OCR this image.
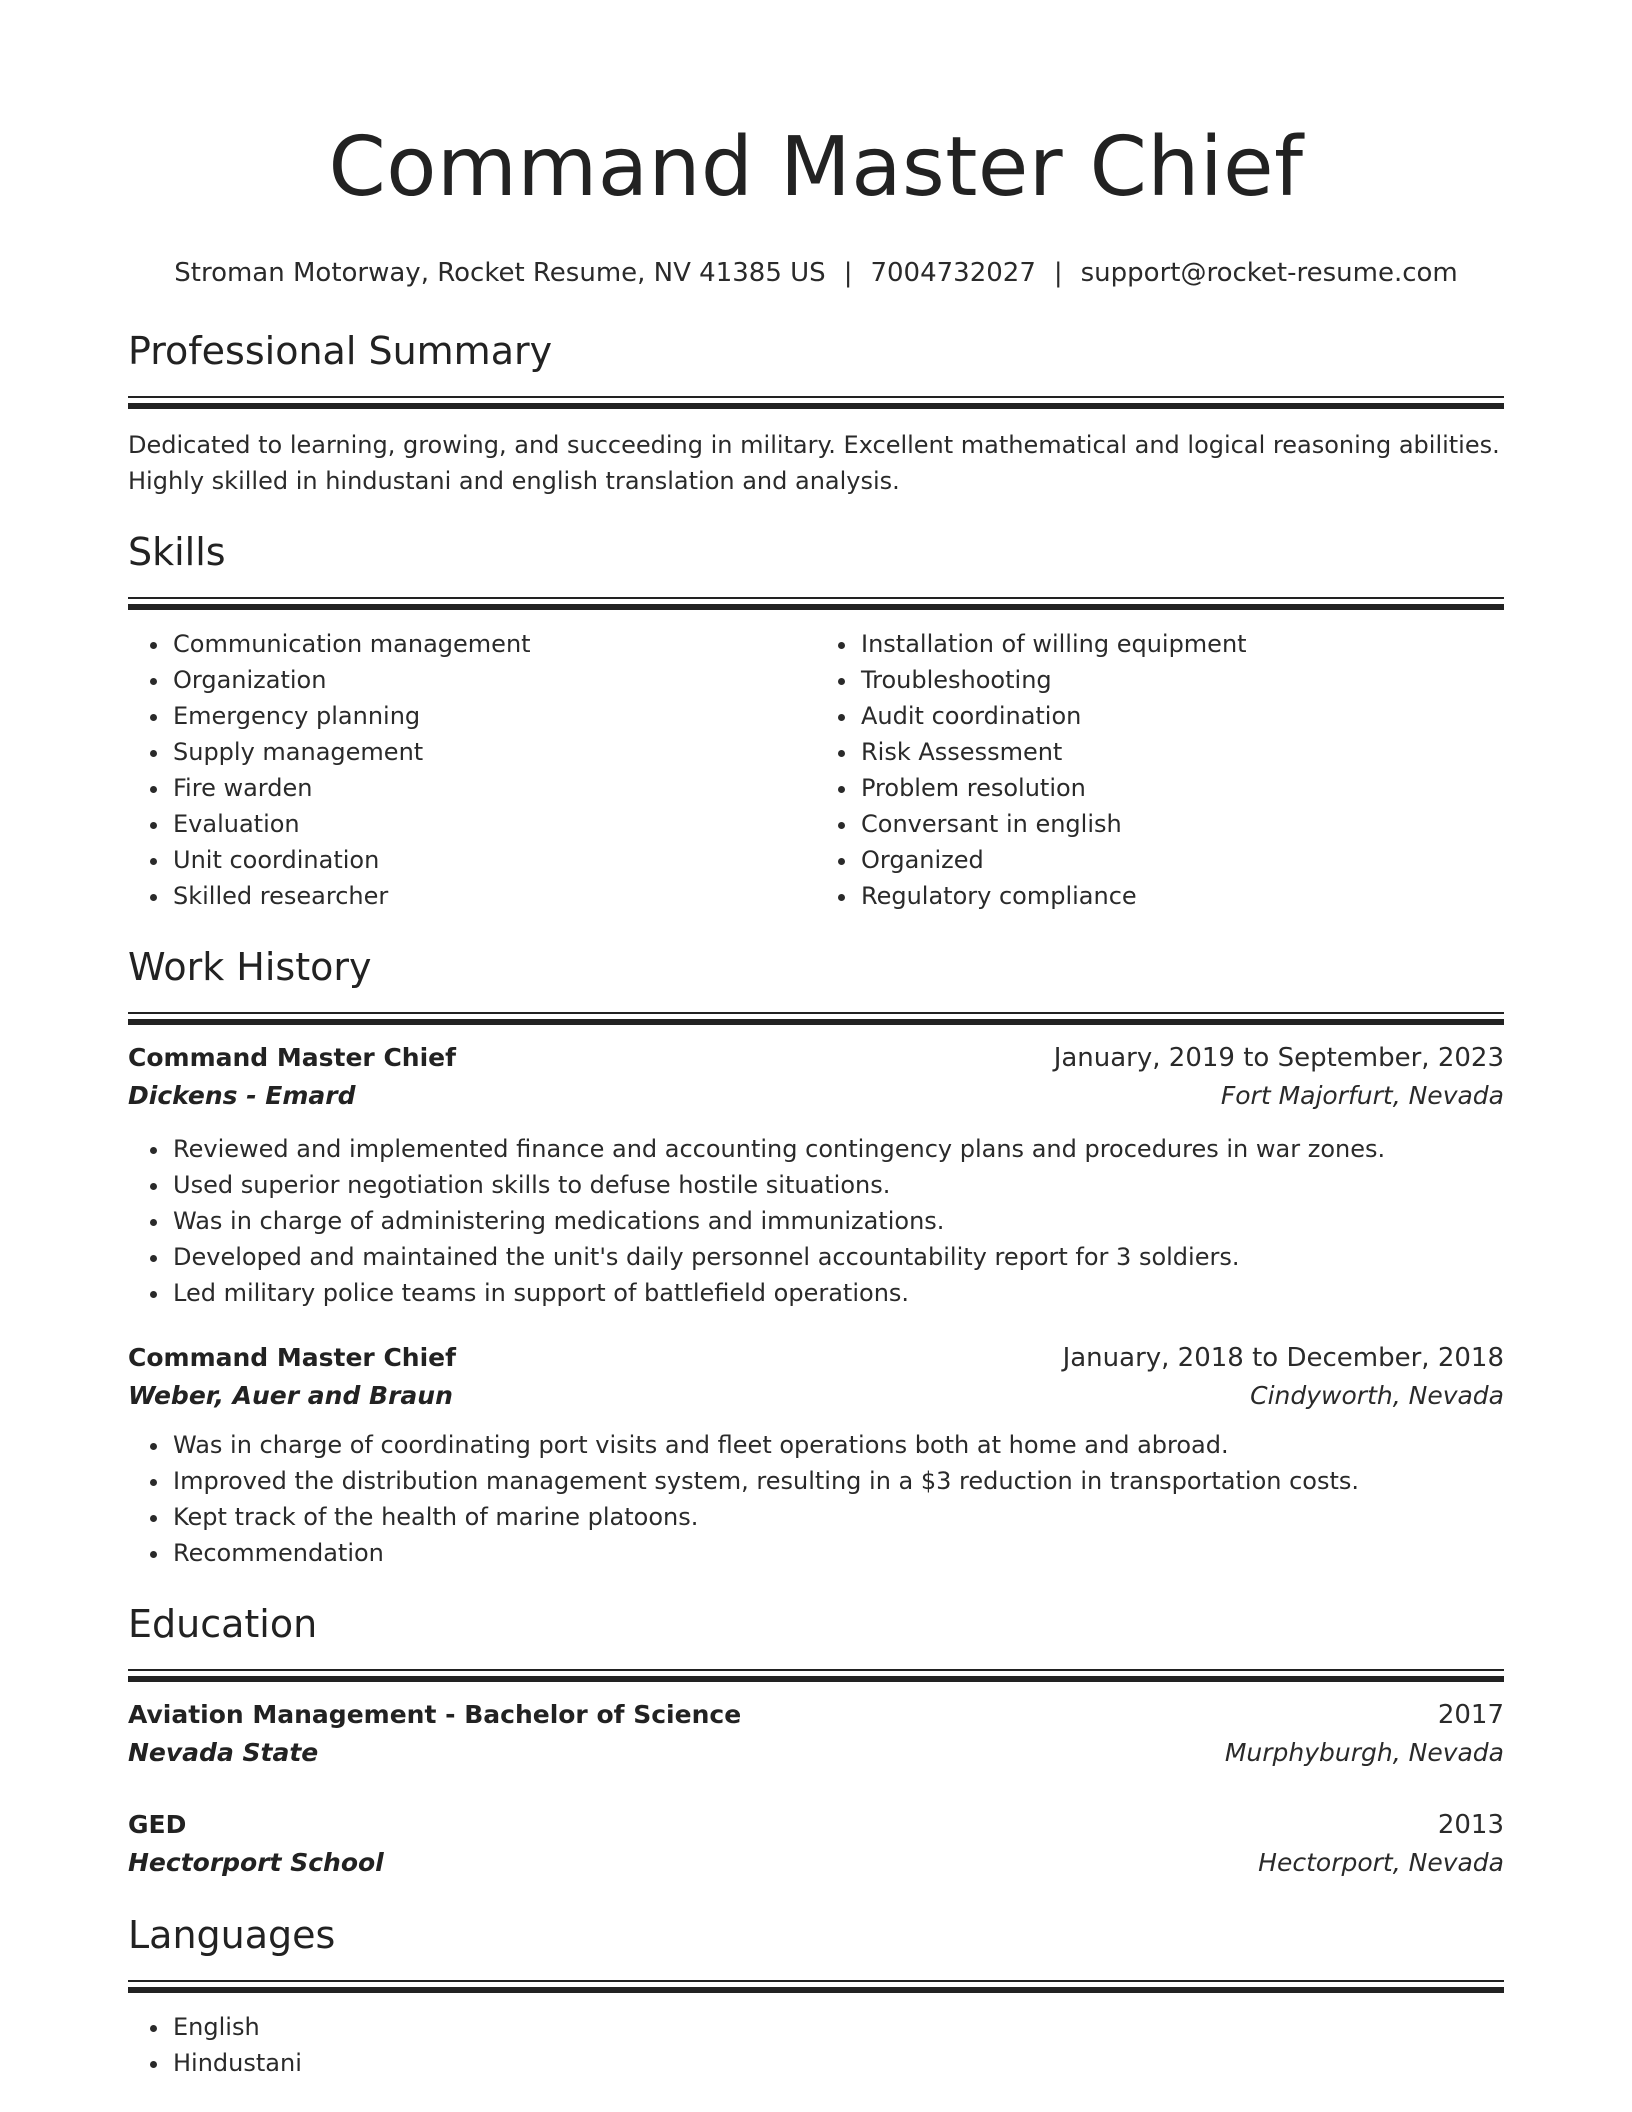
Command Master Chief
Stroman Motorway, Rocket Resume, NV 41385 US | 7004732027 | support@rocket-resume.com
Professional Summary

Dedicated to learning, growing, and succeeding in military. Excellent mathematical and logical reasoning abilities. Highly skilled in hindustani and english translation and analysis.

Skills
• Communication management
• Organization
• Emergency planning
• Supply management
• Fire warden
• Evaluation
• Unit coordination
• Skilled researcher
• Installation of willing equipment
• Troubleshooting
• Audit coordination
• Risk Assessment
• Problem resolution
• Conversant in english
• Organized
• Regulatory compliance
Work History
Command Master Chief	January, 2019 to September, 2023
Dickens - Emard	Fort Majorfurt, Nevada
• Reviewed and implemented finance and accounting contingency plans and procedures in war zones.
• Used superior negotiation skills to defuse hostile situations.
• Was in charge of administering medications and immunizations.
• Developed and maintained the unit's daily personnel accountability report for 3 soldiers.
• Led military police teams in support of battlefield operations.
Command Master Chief	January, 2018 to December, 2018
Weber, Auer and Braun	Cindyworth, Nevada
• Was in charge of coordinating port visits and fleet operations both at home and abroad.
• Improved the distribution management system, resulting in a $3 reduction in transportation costs.
• Kept track of the health of marine platoons.
• Recommendation
Education
Aviation Management - Bachelor of Science	2017
Nevada State	Murphyburgh, Nevada
GED	2013
Hectorport School	Hectorport, Nevada
Languages
• English
• Hindustani
